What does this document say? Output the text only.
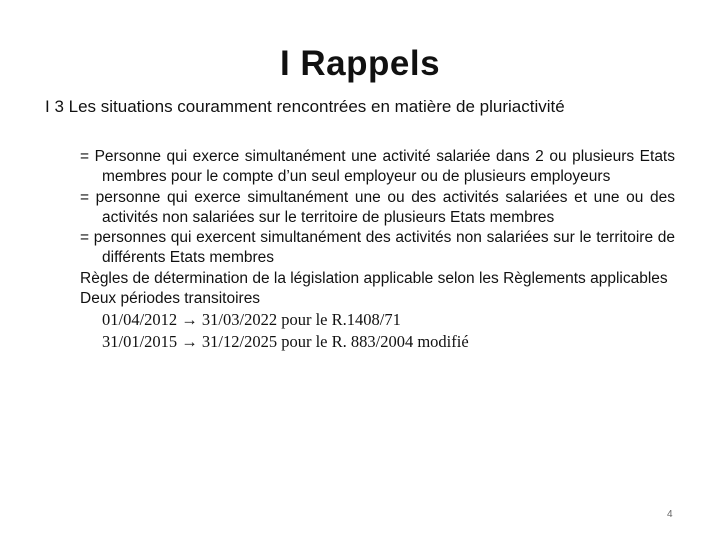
I Rappels
I 3 Les situations couramment rencontrées en matière de pluriactivité

= Personne qui exerce simultanément une activité salariée dans 2 ou plusieurs Etats membres pour le compte d’un seul employeur ou de plusieurs employeurs

= personne qui exerce simultanément une ou des activités salariées et une ou des activités non salariées sur le territoire de plusieurs Etats membres

= personnes qui exercent simultanément des activités non salariées sur le territoire de différents Etats membres

Règles de détermination de la législation applicable selon les Règlements applicables

Deux périodes transitoires

01/04/2012 → 31/03/2022 pour le R.1408/71

31/01/2015 → 31/12/2025 pour le R. 883/2004 modifié

4
